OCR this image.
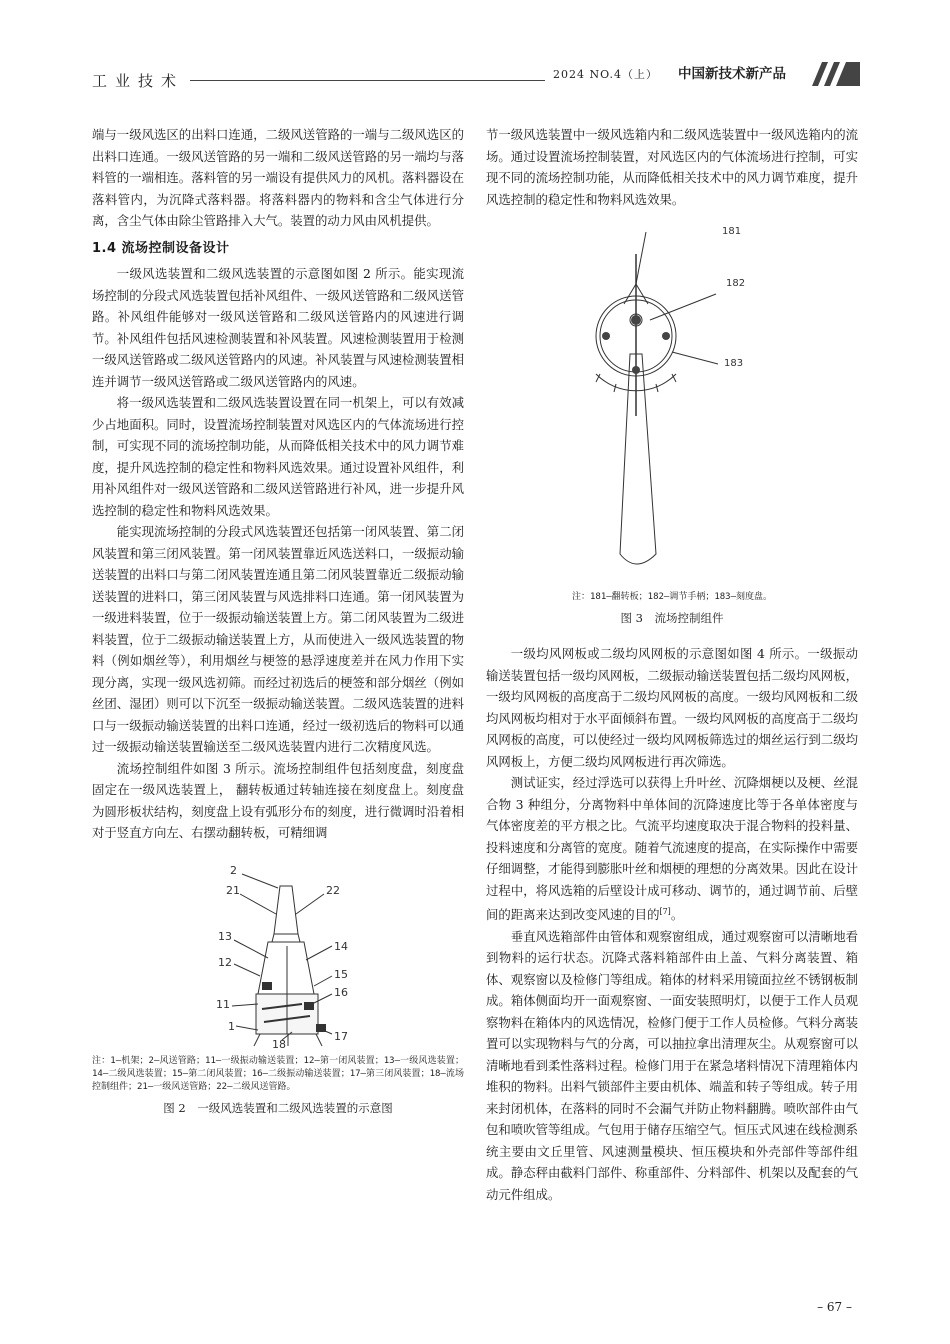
工业技术	2024 NO.4（上） 中国新技术新产品

端与一级风选区的出料口连通，二级风送管路的一端与二级风选区的出料口连通。一级风送管路的另一端和二级风送管路的另一端均与落料管的一端相连。落料管的另一端设有提供风力的风机。落料器设在落料管内，为沉降式落料器。将落料器内的物料和含尘气体进行分离，含尘气体由除尘管路排入大气。装置的动力风由风机提供。

1.4 流场控制设备设计

一级风选装置和二级风选装置的示意图如图 2 所示。能实现流场控制的分段式风选装置包括补风组件、一级风送管路和二级风送管路。补风组件能够对一级风送管路和二级风送管路内的风速进行调节。补风组件包括风速检测装置和补风装置。风速检测装置用于检测一级风送管路或二级风送管路内的风速。补风装置与风速检测装置相连并调节一级风送管路或二级风送管路内的风速。

将一级风选装置和二级风选装置设置在同一机架上，可以有效减少占地面积。同时，设置流场控制装置对风选区内的气体流场进行控制，可实现不同的流场控制功能，从而降低相关技术中的风力调节难度，提升风选控制的稳定性和物料风选效果。通过设置补风组件，利用补风组件对一级风送管路和二级风送管路进行补风，进一步提升风选控制的稳定性和物料风选效果。

能实现流场控制的分段式风选装置还包括第一闭风装置、第二闭风装置和第三闭风装置。第一闭风装置靠近风选送料口，一级振动输送装置的出料口与第二闭风装置连通且第二闭风装置靠近二级振动输送装置的进料口，第三闭风装置与风选排料口连通。第一闭风装置为一级进料装置，位于一级振动输送装置上方。第二闭风装置为二级进料装置，位于二级振动输送装置上方，从而使进入一级风选装置的物料（例如烟丝等），利用烟丝与梗签的悬浮速度差并在风力作用下实现分离，实现一级风选初筛。而经过初选后的梗签和部分烟丝（例如丝团、湿团）则可以下沉至一级振动输送装置。二级风选装置的进料口与一级振动输送装置的出料口连通，经过一级初选后的物料可以通过一级振动输送装置输送至二级风选装置内进行二次精度风选。

流场控制组件如图 3 所示。流场控制组件包括刻度盘，刻度盘固定在一级风选装置上， 翻转板通过转轴连接在刻度盘上。刻度盘为圆形板状结构，刻度盘上设有弧形分布的刻度，进行微调时沿着相对于竖直方向左、右摆动翻转板，可精细调

2
21	22
13
14
12
15
11
16
1
18
17
注：1—机架；2—风送管路；11—一级振动输送装置；12—第一闭风装置；13—一级风选装置；14—二级风选装置；15—第二闭风装置；16—二级振动输送装置；17—第三闭风装置；18—流场控制组件；21—一级风送管路；22—二级风送管路。
图 2　一级风选装置和二级风选装置的示意图

节一级风选装置中一级风选箱内和二级风选装置中一级风选箱内的流场。通过设置流场控制装置，对风选区内的气体流场进行控制，可实现不同的流场控制功能，从而降低相关技术中的风力调节难度，提升风选控制的稳定性和物料风选效果。

181
182
183
注：181—翻转板；182—调节手柄；183—刻度盘。
图 3　流场控制组件

一级均风网板或二级均风网板的示意图如图 4 所示。一级振动输送装置包括一级均风网板，二级振动输送装置包括二级均风网板，一级均风网板的高度高于二级均风网板的高度。一级均风网板和二级均风网板均相对于水平面倾斜布置。一级均风网板的高度高于二级均风网板的高度，可以使经过一级均风网板筛选过的烟丝运行到二级均风网板上，方便二级均风网板进行再次筛选。

测试证实，经过浮选可以获得上升叶丝、沉降烟梗以及梗、丝混合物 3 种组分，分离物料中单体间的沉降速度比等于各单体密度与气体密度差的平方根之比。气流平均速度取决于混合物料的投料量、投料速度和分离管的宽度。随着气流速度的提高，在实际操作中需要仔细调整，才能得到膨胀叶丝和烟梗的理想的分离效果。因此在设计过程中，将风选箱的后壁设计成可移动、调节的，通过调节前、后壁间的距离来达到改变风速的目的[7]。

垂直风选箱部件由管体和观察窗组成，通过观察窗可以清晰地看到物料的运行状态。沉降式落料箱部件由上盖、气料分离装置、箱体、观察窗以及检修门等组成。箱体的材料采用镜面拉丝不锈钢板制成。箱体侧面均开一面观察窗、一面安装照明灯，以便于工作人员观察物料在箱体内的风选情况，检修门便于工作人员检修。气料分离装置可以实现物料与气的分离，可以抽拉拿出清理灰尘。从观察窗可以清晰地看到柔性落料过程。检修门用于在紧急堵料情况下清理箱体内堆积的物料。出料气锁部件主要由机体、端盖和转子等组成。转子用来封闭机体，在落料的同时不会漏气并防止物料翻腾。喷吹部件由气包和喷吹管等组成。气包用于储存压缩空气。恒压式风速在线检测系统主要由文丘里管、风速测量模块、恒压模块和外壳部件等部件组成。静态秤由截料门部件、称重部件、分料部件、机架以及配套的气动元件组成。

– 67 –
